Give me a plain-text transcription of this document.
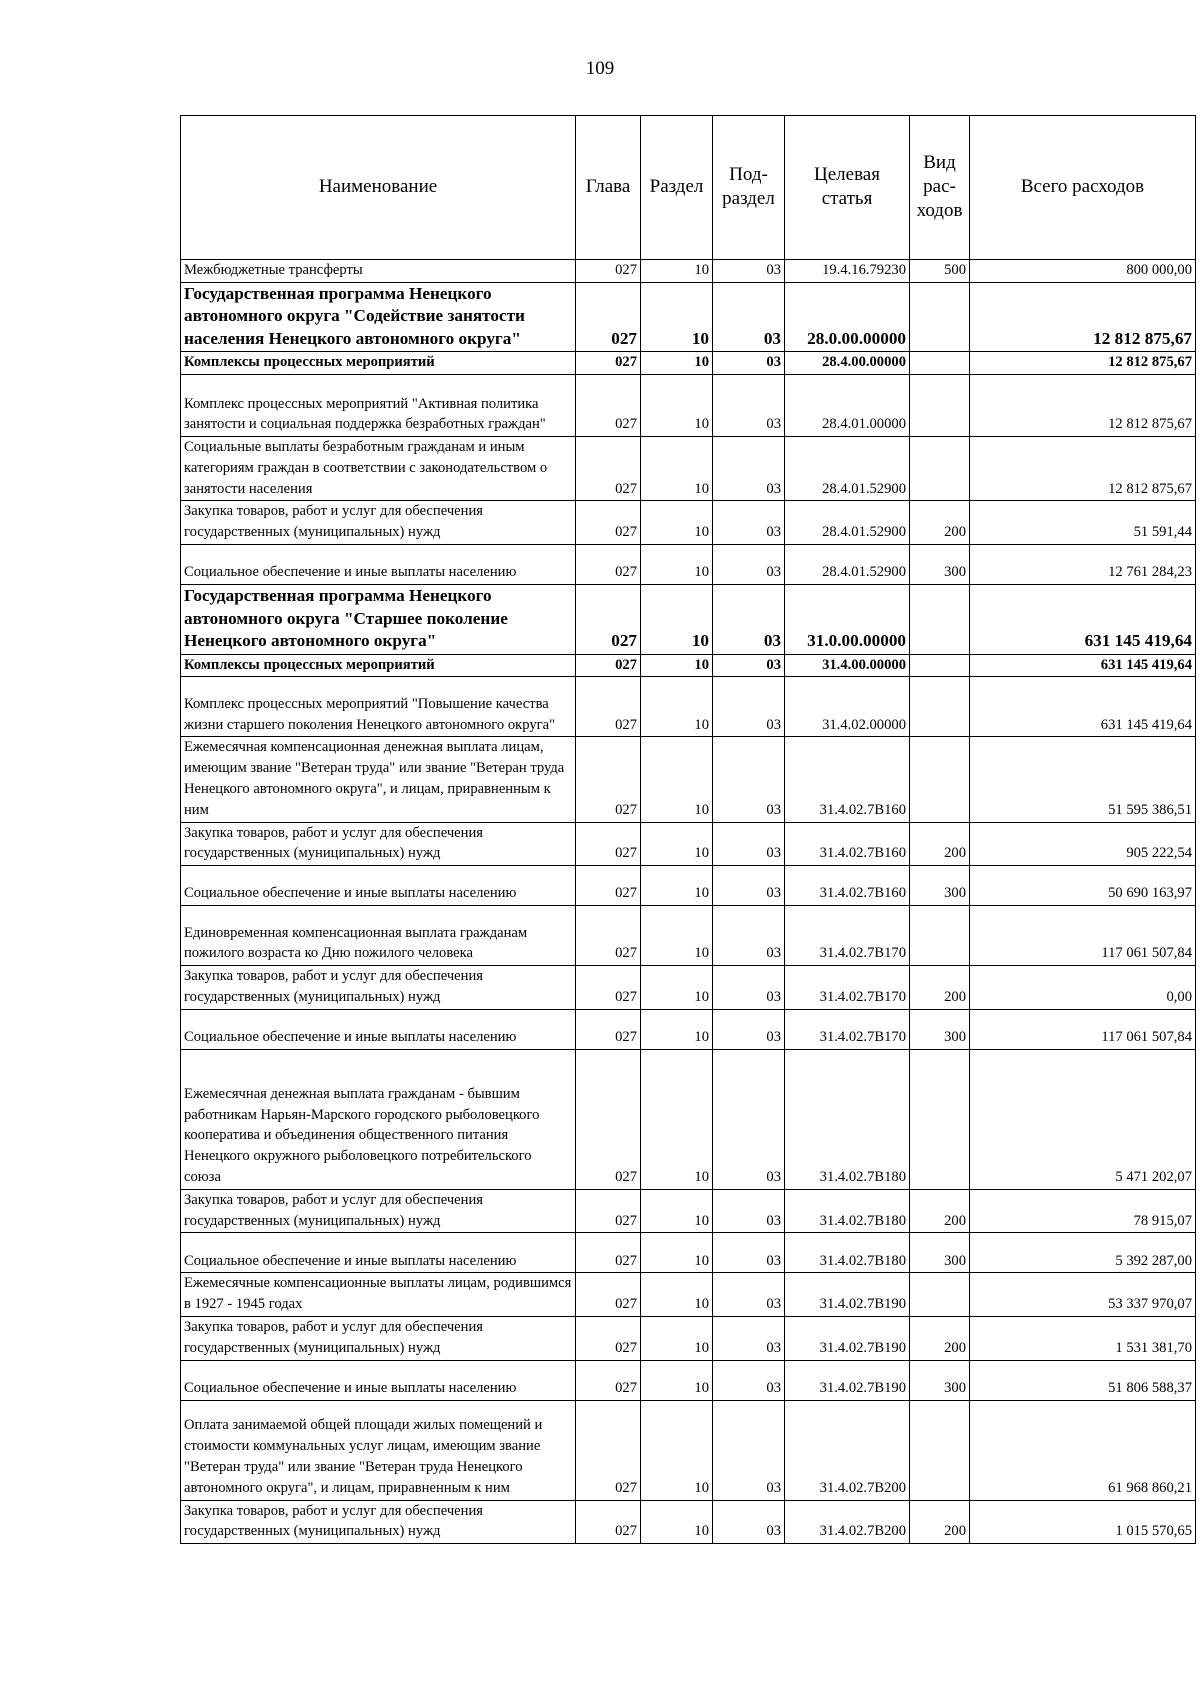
109
Наименование	Глава	Раздел	Под-раздел	Целевая статья	Вид рас-ходов	Всего расходов
Межбюджетные трансферты	027	10	03	19.4.16.79230	500	800 000,00
Государственная программа Ненецкого автономного округа "Содействие занятости населения Ненецкого автономного округа"	027	10	03	28.0.00.00000		12 812 875,67
Комплексы процессных мероприятий	027	10	03	28.4.00.00000		12 812 875,67
Комплекс процессных мероприятий "Активная политика занятости и социальная поддержка безработных граждан"	027	10	03	28.4.01.00000		12 812 875,67
Социальные выплаты безработным гражданам и иным категориям граждан в соответствии с законодательством о занятости населения	027	10	03	28.4.01.52900		12 812 875,67
Закупка товаров, работ и услуг для обеспечения государственных (муниципальных) нужд	027	10	03	28.4.01.52900	200	51 591,44
Социальное обеспечение и иные выплаты населению	027	10	03	28.4.01.52900	300	12 761 284,23
Государственная программа Ненецкого автономного округа "Старшее поколение Ненецкого автономного округа"	027	10	03	31.0.00.00000		631 145 419,64
Комплексы процессных мероприятий	027	10	03	31.4.00.00000		631 145 419,64
Комплекс процессных мероприятий "Повышение качества жизни старшего поколения Ненецкого автономного округа"	027	10	03	31.4.02.00000		631 145 419,64
Ежемесячная компенсационная денежная выплата лицам, имеющим звание "Ветеран труда" или звание "Ветеран труда Ненецкого автономного округа", и лицам, приравненным к ним	027	10	03	31.4.02.7В160		51 595 386,51
Закупка товаров, работ и услуг для обеспечения государственных (муниципальных) нужд	027	10	03	31.4.02.7В160	200	905 222,54
Социальное обеспечение и иные выплаты населению	027	10	03	31.4.02.7В160	300	50 690 163,97
Единовременная компенсационная выплата гражданам пожилого возраста ко Дню пожилого человека	027	10	03	31.4.02.7В170		117 061 507,84
Закупка товаров, работ и услуг для обеспечения государственных (муниципальных) нужд	027	10	03	31.4.02.7В170	200	0,00
Социальное обеспечение и иные выплаты населению	027	10	03	31.4.02.7В170	300	117 061 507,84
Ежемесячная денежная выплата гражданам - бывшим работникам Нарьян-Марского городского рыболовецкого кооператива и объединения общественного питания Ненецкого окружного рыболовецкого потребительского союза	027	10	03	31.4.02.7В180		5 471 202,07
Закупка товаров, работ и услуг для обеспечения государственных (муниципальных) нужд	027	10	03	31.4.02.7В180	200	78 915,07
Социальное обеспечение и иные выплаты населению	027	10	03	31.4.02.7В180	300	5 392 287,00
Ежемесячные компенсационные выплаты лицам, родившимся в 1927 - 1945 годах	027	10	03	31.4.02.7В190		53 337 970,07
Закупка товаров, работ и услуг для обеспечения государственных (муниципальных) нужд	027	10	03	31.4.02.7В190	200	1 531 381,70
Социальное обеспечение и иные выплаты населению	027	10	03	31.4.02.7В190	300	51 806 588,37
Оплата занимаемой общей площади жилых помещений и стоимости коммунальных услуг лицам, имеющим звание "Ветеран труда" или звание "Ветеран труда Ненецкого автономного округа", и лицам, приравненным к ним	027	10	03	31.4.02.7В200		61 968 860,21
Закупка товаров, работ и услуг для обеспечения государственных (муниципальных) нужд	027	10	03	31.4.02.7В200	200	1 015 570,65
